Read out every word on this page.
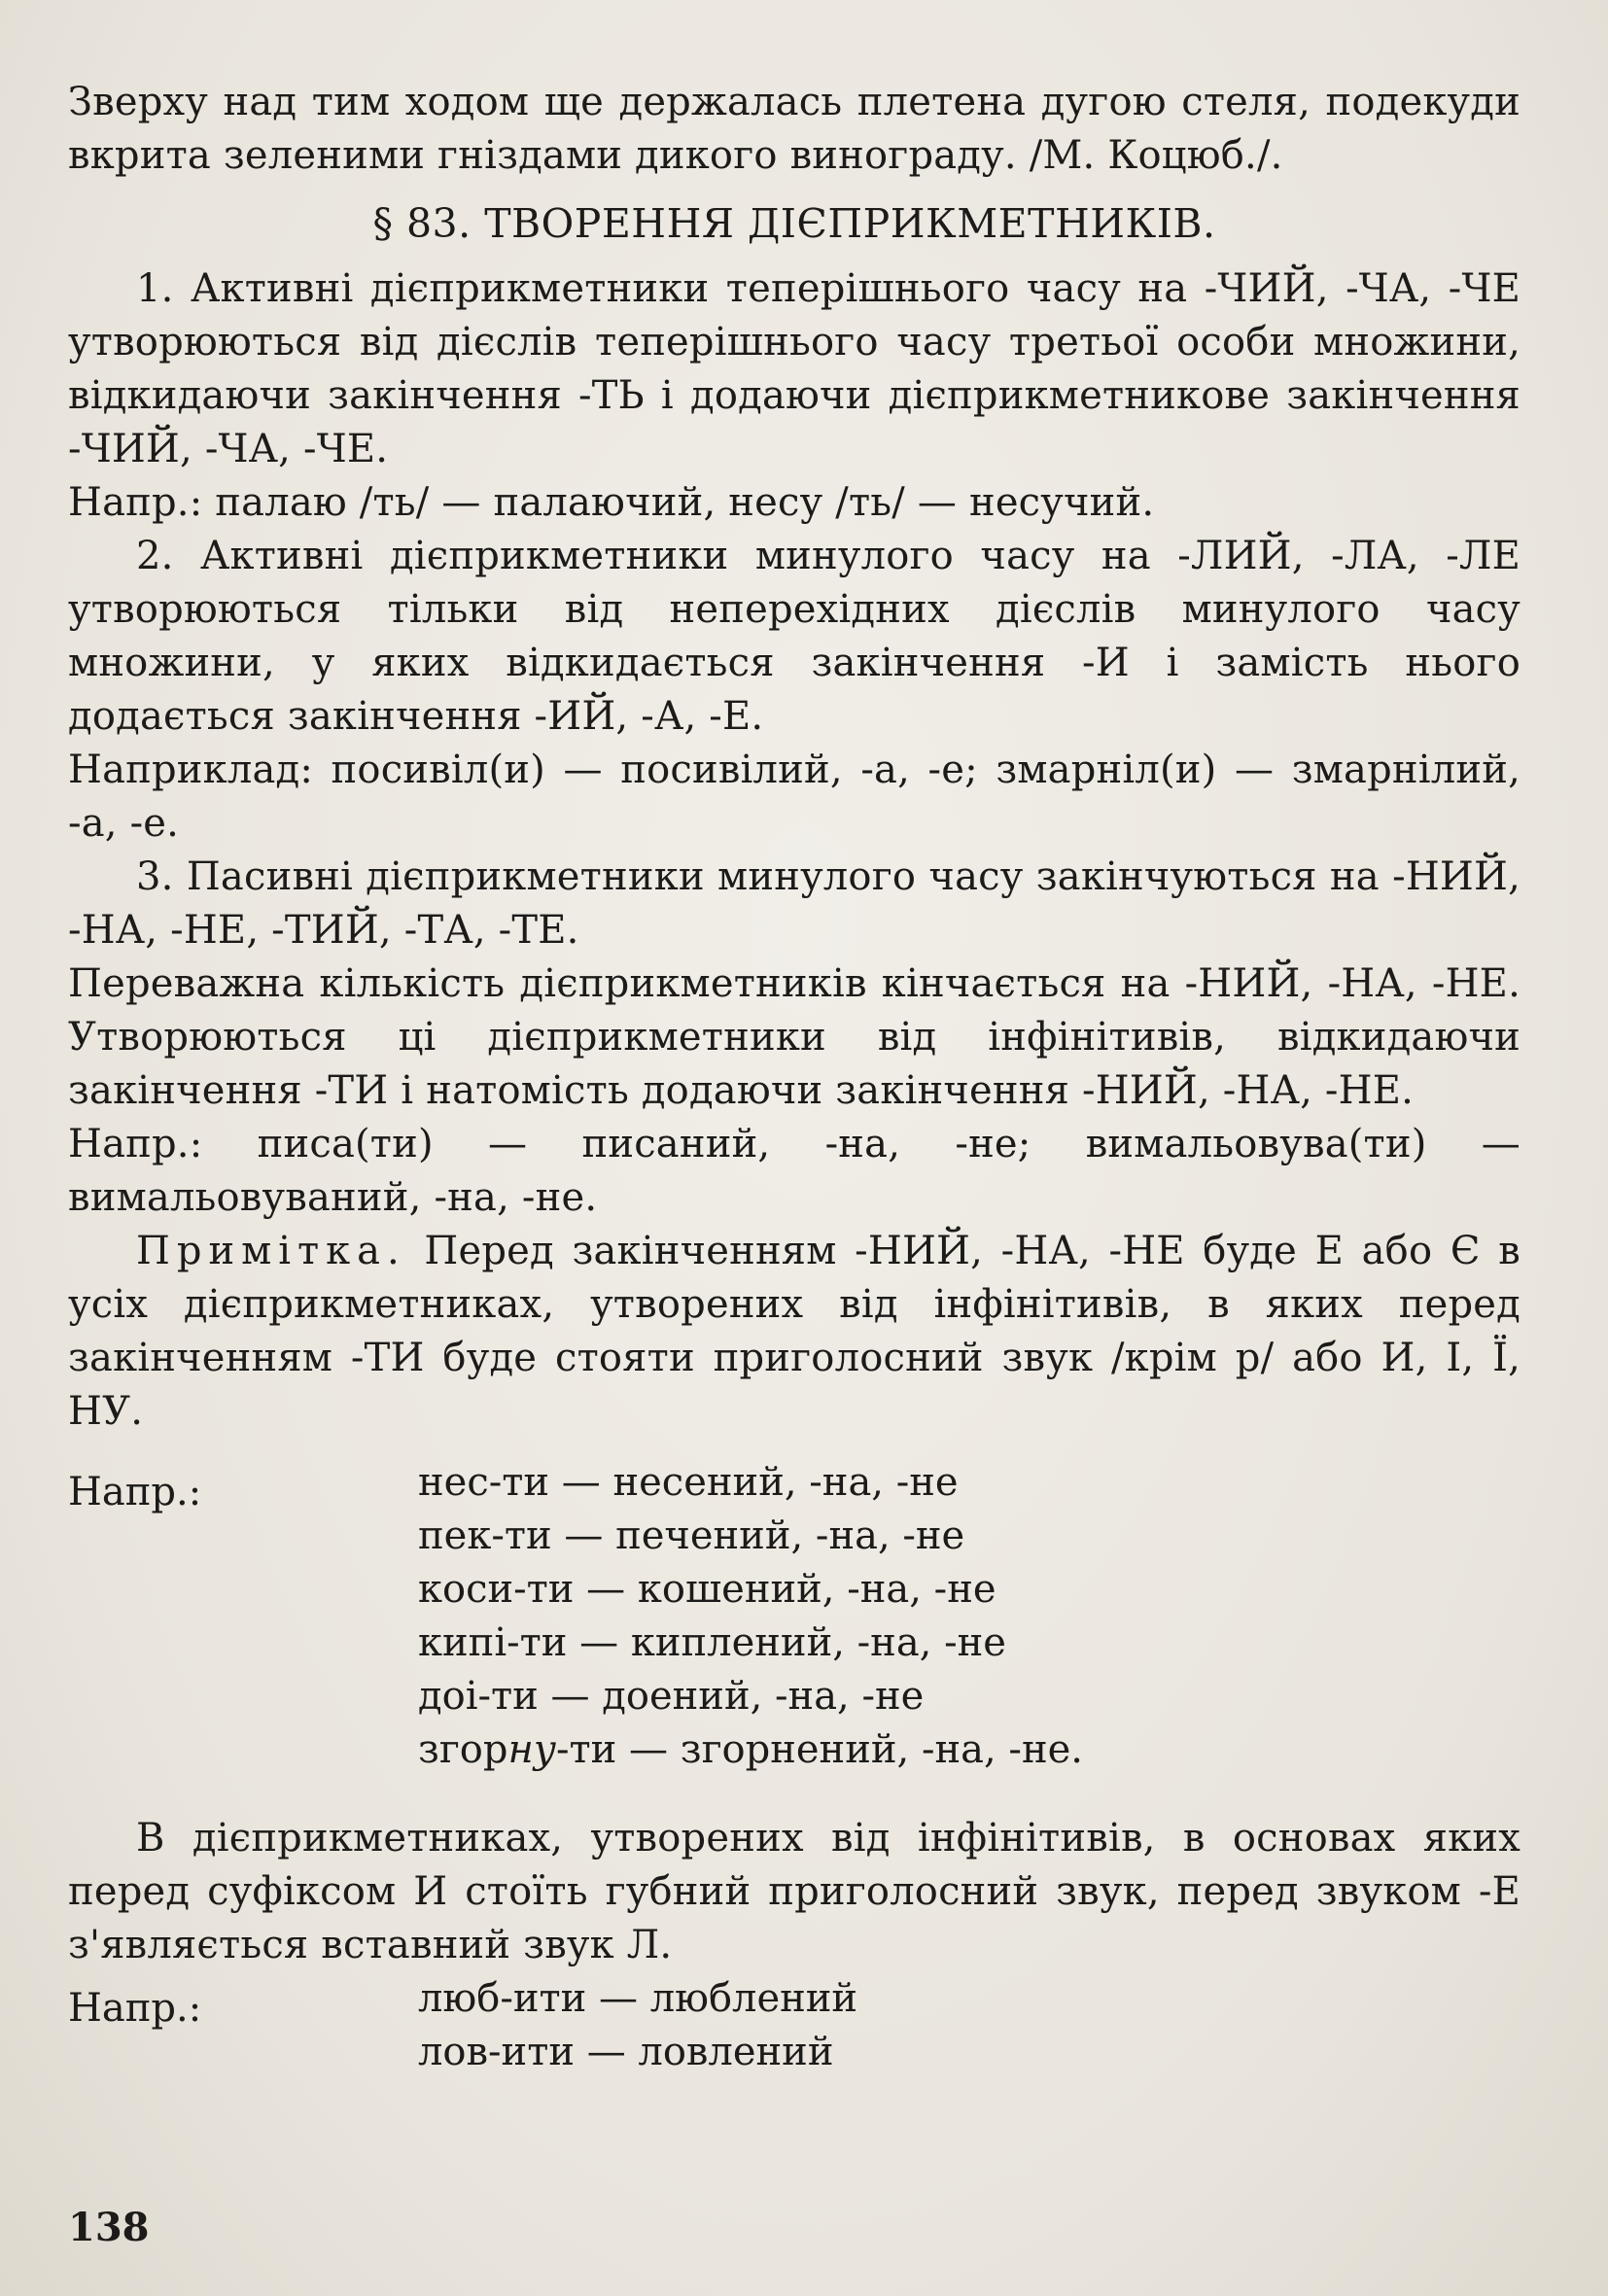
Зверху над тим ходом ще держалась плетена дугою стеля, подекуди вкрита зеленими гніздами дикого винограду. /М. Коцюб./.

§ 83. ТВОРЕННЯ ДІЄПРИКМЕТНИКІВ.

1. Активні дієприкметники теперішнього часу на -ЧИЙ, -ЧА, -ЧЕ утворюються від дієслів теперішнього часу третьої особи множини, відкидаючи закінчення -ТЬ і додаючи дієприкметникове закінчення -ЧИЙ, -ЧА, -ЧЕ.

Напр.: палаю /ть/ — палаючий, несу /ть/ — несучий.

2. Активні дієприкметники минулого часу на -ЛИЙ, -ЛА, -ЛЕ утворюються тільки від неперехідних дієслів минулого часу множини, у яких відкидається закінчення -И і замість нього додається закінчення -ИЙ, -А, -Е.

Наприклад: посивіл(и) — посивілий, -а, -е; змарніл(и) — змарнілий, -а, -е.

3. Пасивні дієприкметники минулого часу закінчуються на -НИЙ, -НА, -НЕ, -ТИЙ, -ТА, -ТЕ.

Переважна кількість дієприкметників кінчається на -НИЙ, -НА, -НЕ. Утворюються ці дієприкметники від інфінітивів, відкидаючи закінчення -ТИ і натомість додаючи закінчення -НИЙ, -НА, -НЕ.

Напр.: писа(ти) — писаний, -на, -не; вимальовува(ти) — вимальовуваний, -на, -не.

Примітка. Перед закінченням -НИЙ, -НА, -НЕ буде Е або Є в усіх дієприкметниках, утворених від інфінітивів, в яких перед закінченням -ТИ буде стояти приголосний звук /крім р/ або И, І, Ї, НУ.

Напр.:	нес-ти — несений, -на, -не
пек-ти — печений, -на, -не
коси-ти — кошений, -на, -не
кипі-ти — киплений, -на, -не
доі-ти — доений, -на, -не
згорну-ти — згорнений, -на, -не.

В дієприкметниках, утворених від інфінітивів, в основах яких перед суфіксом И стоїть губний приголосний звук, перед звуком -Е з'являється вставний звук Л.

Напр.:	люб-ити — люблений
лов-ити — ловлений
138
